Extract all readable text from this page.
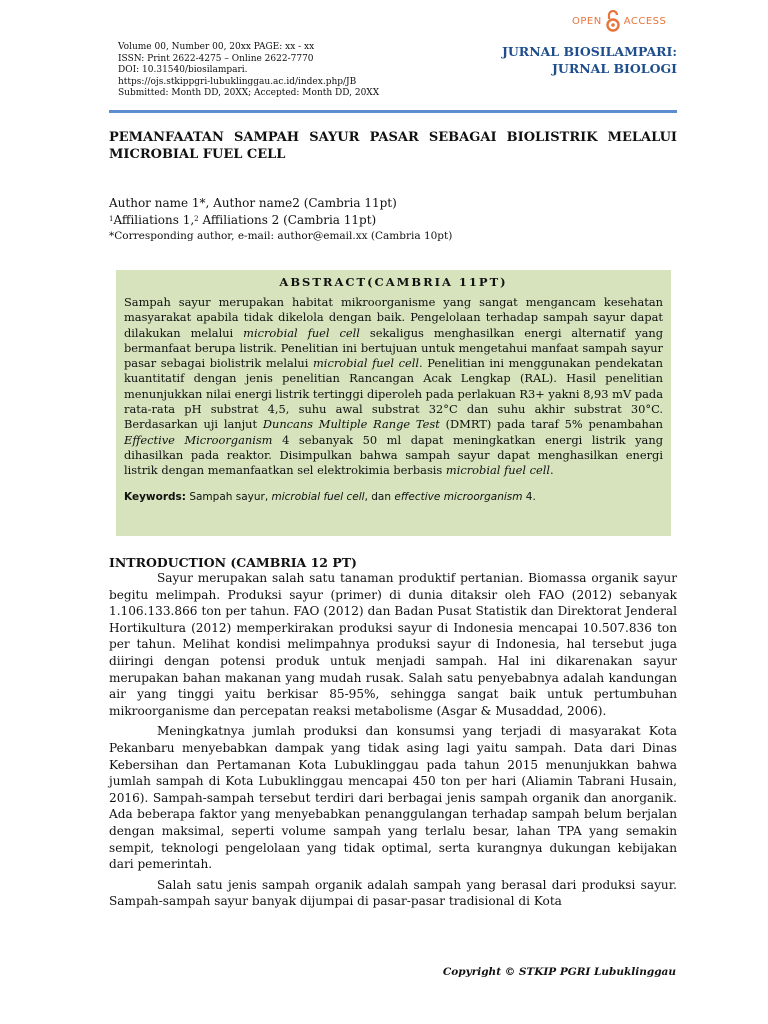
OPEN ACCESS
Volume 00, Number 00, 20xx PAGE: xx - xx
ISSN: Print 2622-4275 – Online 2622-7770
DOI: 10.31540/biosilampari.
https://ojs.stkippgri-lubuklinggau.ac.id/index.php/JB
Submitted: Month DD, 20XX; Accepted: Month DD, 20XX
JURNAL BIOSILAMPARI:
JURNAL BIOLOGI
PEMANFAATAN SAMPAH SAYUR PASAR SEBAGAI BIOLISTRIK MELALUI
MICROBIAL FUEL CELL
Author name 1*, Author name2 (Cambria 11pt)
$^1$Affiliations 1,$^2$ Affiliations 2 (Cambria 11pt)
*Corresponding author, e-mail: author@email.xx (Cambria 10pt)
ABSTRACT(CAMBRIA 11PT)
Sampah sayur merupakan habitat mikroorganisme yang sangat mengancam kesehatan masyarakat apabila tidak dikelola dengan baik. Pengelolaan terhadap sampah sayur dapat dilakukan melalui microbial fuel cell sekaligus menghasilkan energi alternatif yang bermanfaat berupa listrik. Penelitian ini bertujuan untuk mengetahui manfaat sampah sayur pasar sebagai biolistrik melalui microbial fuel cell. Penelitian ini menggunakan pendekatan kuantitatif dengan jenis penelitian Rancangan Acak Lengkap (RAL). Hasil penelitian menunjukkan nilai energi listrik tertinggi diperoleh pada perlakuan R3+ yakni 8,93 mV pada rata-rata pH substrat 4,5, suhu awal substrat 32°C dan suhu akhir substrat 30°C. Berdasarkan uji lanjut Duncans Multiple Range Test (DMRT) pada taraf 5% penambahan Effective Microorganism 4 sebanyak 50 ml dapat meningkatkan energi listrik yang dihasilkan pada reaktor. Disimpulkan bahwa sampah sayur dapat menghasilkan energi listrik dengan memanfaatkan sel elektrokimia berbasis microbial fuel cell.
Keywords: Sampah sayur, microbial fuel cell, dan effective microorganism 4.
INTRODUCTION (CAMBRIA 12 PT)

Sayur merupakan salah satu tanaman produktif pertanian. Biomassa organik sayur begitu melimpah. Produksi sayur (primer) di dunia ditaksir oleh FAO (2012) sebanyak 1.106.133.866 ton per tahun. FAO (2012) dan Badan Pusat Statistik dan Direktorat Jenderal Hortikultura (2012) memperkirakan produksi sayur di Indonesia mencapai 10.507.836 ton per tahun. Melihat kondisi melimpahnya produksi sayur di Indonesia, hal tersebut juga diiringi dengan potensi produk untuk menjadi sampah. Hal ini dikarenakan sayur merupakan bahan makanan yang mudah rusak. Salah satu penyebabnya adalah kandungan air yang tinggi yaitu berkisar 85-95%, sehingga sangat baik untuk pertumbuhan mikroorganisme dan percepatan reaksi metabolisme (Asgar & Musaddad, 2006).

Meningkatnya jumlah produksi dan konsumsi yang terjadi di masyarakat Kota Pekanbaru menyebabkan dampak yang tidak asing lagi yaitu sampah. Data dari Dinas Kebersihan dan Pertamanan Kota Lubuklinggau pada tahun 2015 menunjukkan bahwa jumlah sampah di Kota Lubuklinggau mencapai 450 ton per hari (Aliamin Tabrani Husain, 2016). Sampah-sampah tersebut terdiri dari berbagai jenis sampah organik dan anorganik. Ada beberapa faktor yang menyebabkan penanggulangan terhadap sampah belum berjalan dengan maksimal, seperti volume sampah yang terlalu besar, lahan TPA yang semakin sempit, teknologi pengelolaan yang tidak optimal, serta kurangnya dukungan kebijakan dari pemerintah.

Salah satu jenis sampah organik adalah sampah yang berasal dari produksi sayur. Sampah-sampah sayur banyak dijumpai di pasar-pasar tradisional di Kota

Copyright © STKIP PGRI Lubuklinggau
